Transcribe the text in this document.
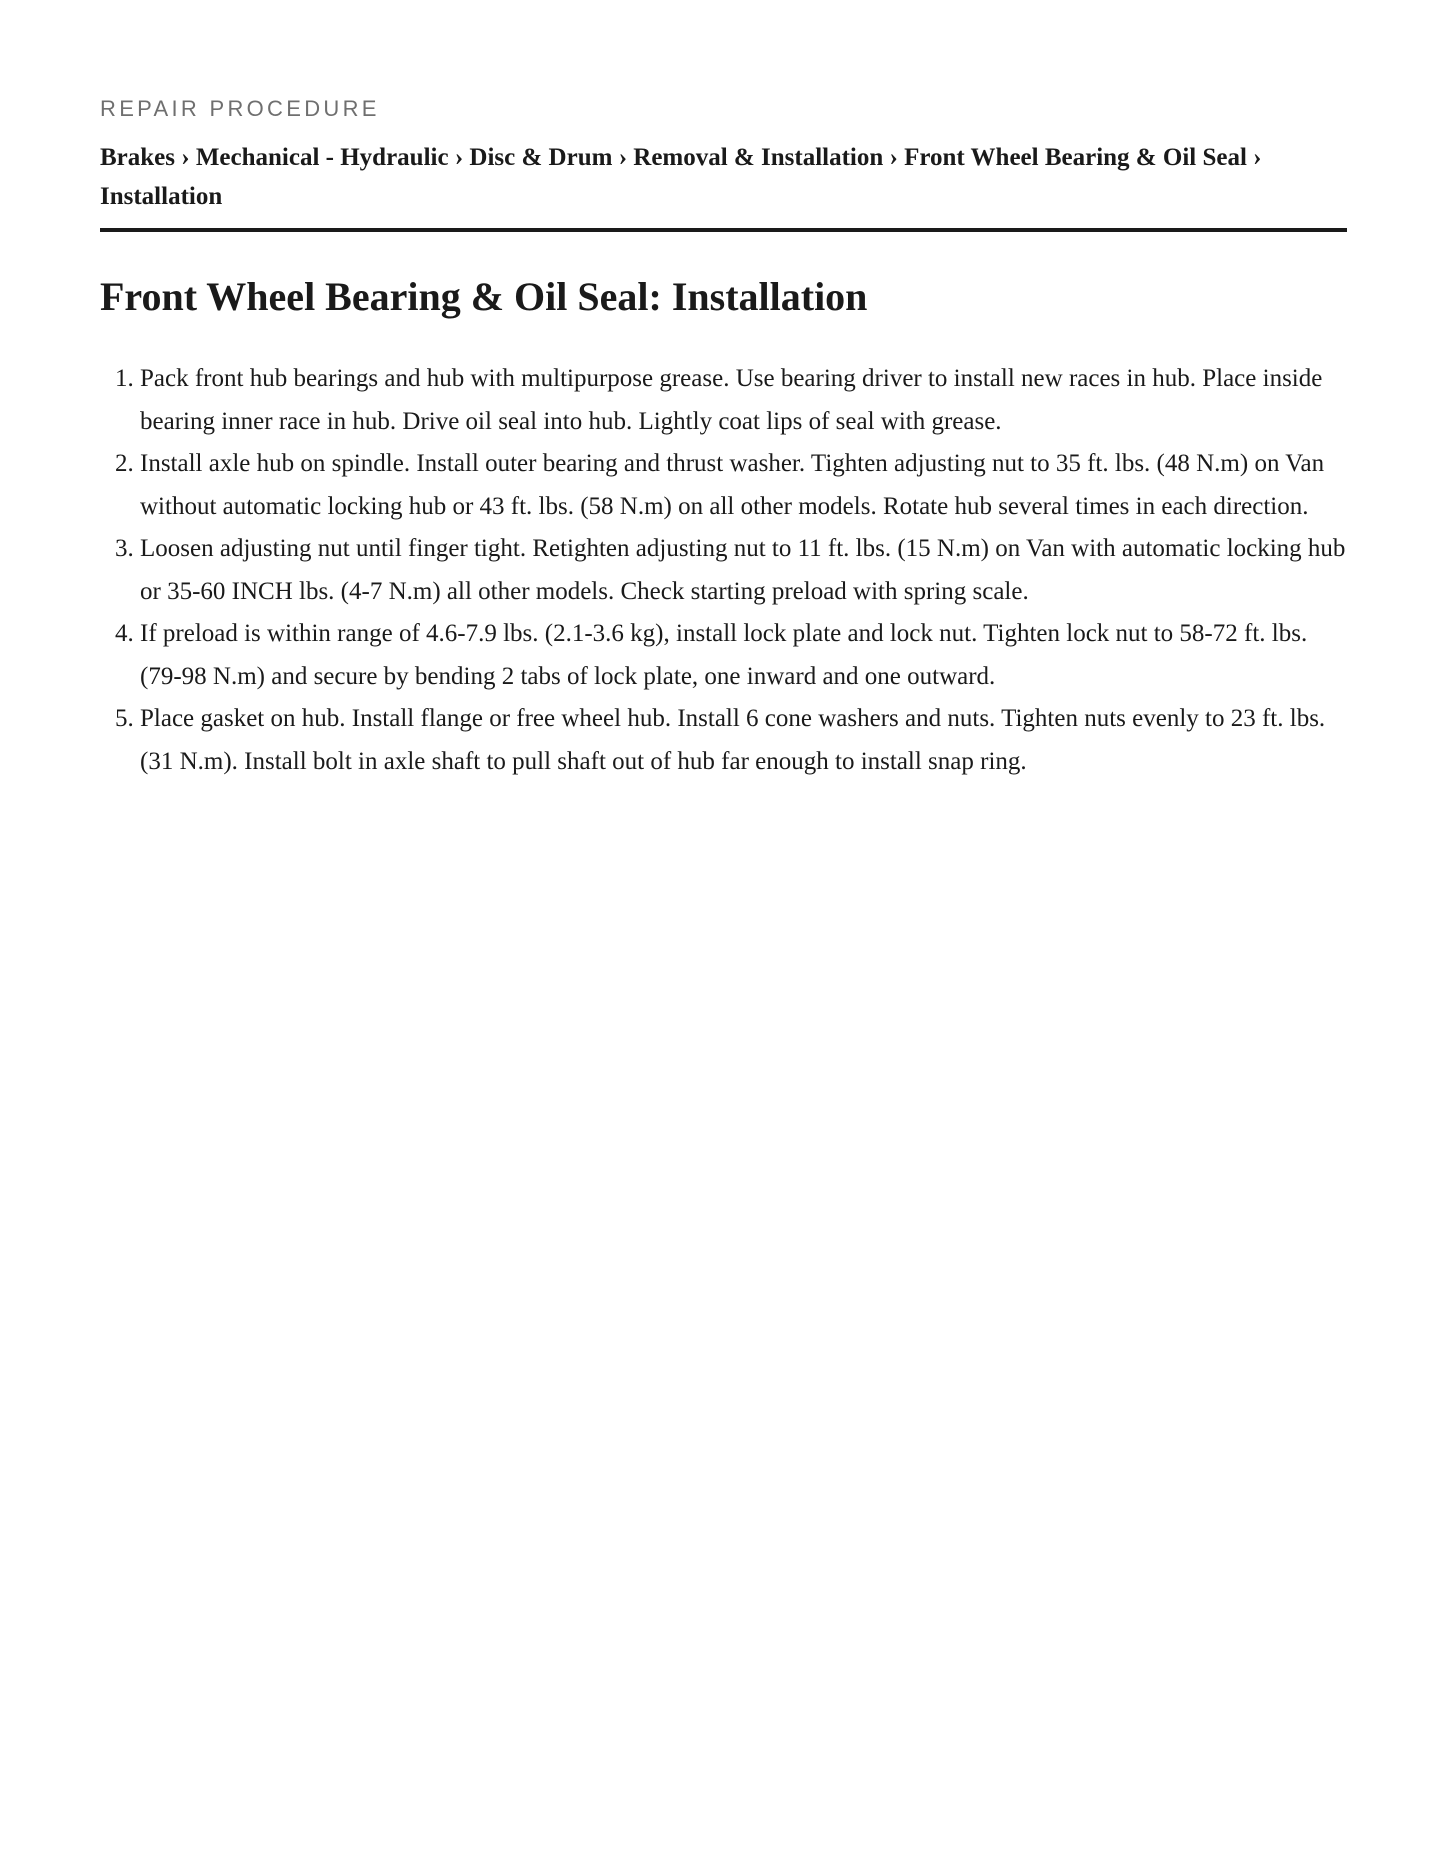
REPAIR PROCEDURE
Brakes › Mechanical - Hydraulic › Disc & Drum › Removal & Installation › Front Wheel Bearing & Oil Seal › Installation
Front Wheel Bearing & Oil Seal: Installation
1. Pack front hub bearings and hub with multipurpose grease. Use bearing driver to install new races in hub. Place inside bearing inner race in hub. Drive oil seal into hub. Lightly coat lips of seal with grease.
2. Install axle hub on spindle. Install outer bearing and thrust washer. Tighten adjusting nut to 35 ft. lbs. (48 N.m) on Van without automatic locking hub or 43 ft. lbs. (58 N.m) on all other models. Rotate hub several times in each direction.
3. Loosen adjusting nut until finger tight. Retighten adjusting nut to 11 ft. lbs. (15 N.m) on Van with automatic locking hub or 35-60 INCH lbs. (4-7 N.m) all other models. Check starting preload with spring scale.
4. If preload is within range of 4.6-7.9 lbs. (2.1-3.6 kg), install lock plate and lock nut. Tighten lock nut to 58-72 ft. lbs. (79-98 N.m) and secure by bending 2 tabs of lock plate, one inward and one outward.
5. Place gasket on hub. Install flange or free wheel hub. Install 6 cone washers and nuts. Tighten nuts evenly to 23 ft. lbs. (31 N.m). Install bolt in axle shaft to pull shaft out of hub far enough to install snap ring.
